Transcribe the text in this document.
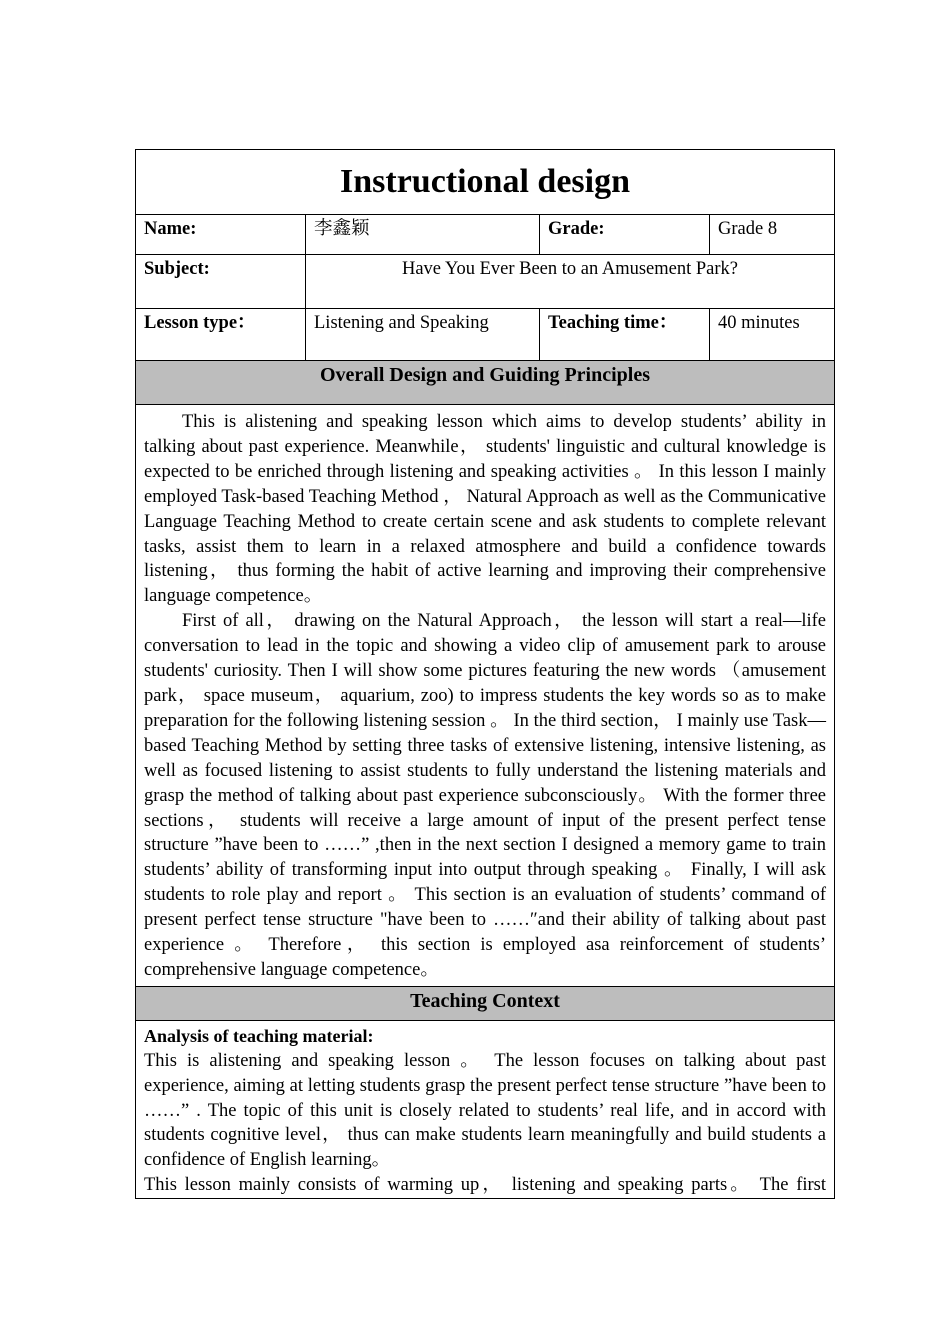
Instructional design			
Name:	李鑫颖	Grade:	Grade 8
Subject:	Have You Ever Been to an Amusement Park?		
Lesson type：	Listening and Speaking	Teaching time：	40 minutes
Overall Design and Guiding Principles			

This is alistening and speaking lesson which aims to develop students’ ability in talking about past experience. Meanwhile， students' linguistic and cultural knowledge is expected to be enriched through listening and speaking activities 。 In this lesson I mainly employed Task-based Teaching Method ， Natural Approach as well as the Communicative Language Teaching Method to create certain scene and ask students to complete relevant tasks, assist them to learn in a relaxed atmosphere and build a confidence towards listening， thus forming the habit of active learning and improving their comprehensive language competence。

First of all， drawing on the Natural Approach， the lesson will start a real—life conversation to lead in the topic and showing a video clip of amusement park to arouse students' curiosity. Then I will show some pictures featuring the new words （amusement park， space museum， aquarium, zoo) to impress students the key words so as to make preparation for the following listening session 。 In the third section， I mainly use Task—based Teaching Method by setting three tasks of extensive listening, intensive listening, as well as focused listening to assist students to fully understand the listening materials and grasp the method of talking about past experience subconsciously。 With the former three sections， students will receive a large amount of input of the present perfect tense structure ”have been to ……” ,then in the next section I designed a memory game to train students’ ability of transforming input into output through speaking 。 Finally, I will ask students to role play and report 。 This section is an evaluation of students’ command of present perfect tense structure "have been to ……″and their ability of talking about past experience 。 Therefore， this section is employed asa reinforcement of students’ comprehensive language competence。			

Teaching Context			

Analysis of teaching material:

This is alistening and speaking lesson 。 The lesson focuses on talking about past experience, aiming at letting students grasp the present perfect tense structure ”have been to ……” . The topic of this unit is closely related to students’ real life, and in accord with students cognitive level， thus can make students learn meaningfully and build students a confidence of English learning。

This lesson mainly consists of warming up， listening and speaking parts。 The first			
